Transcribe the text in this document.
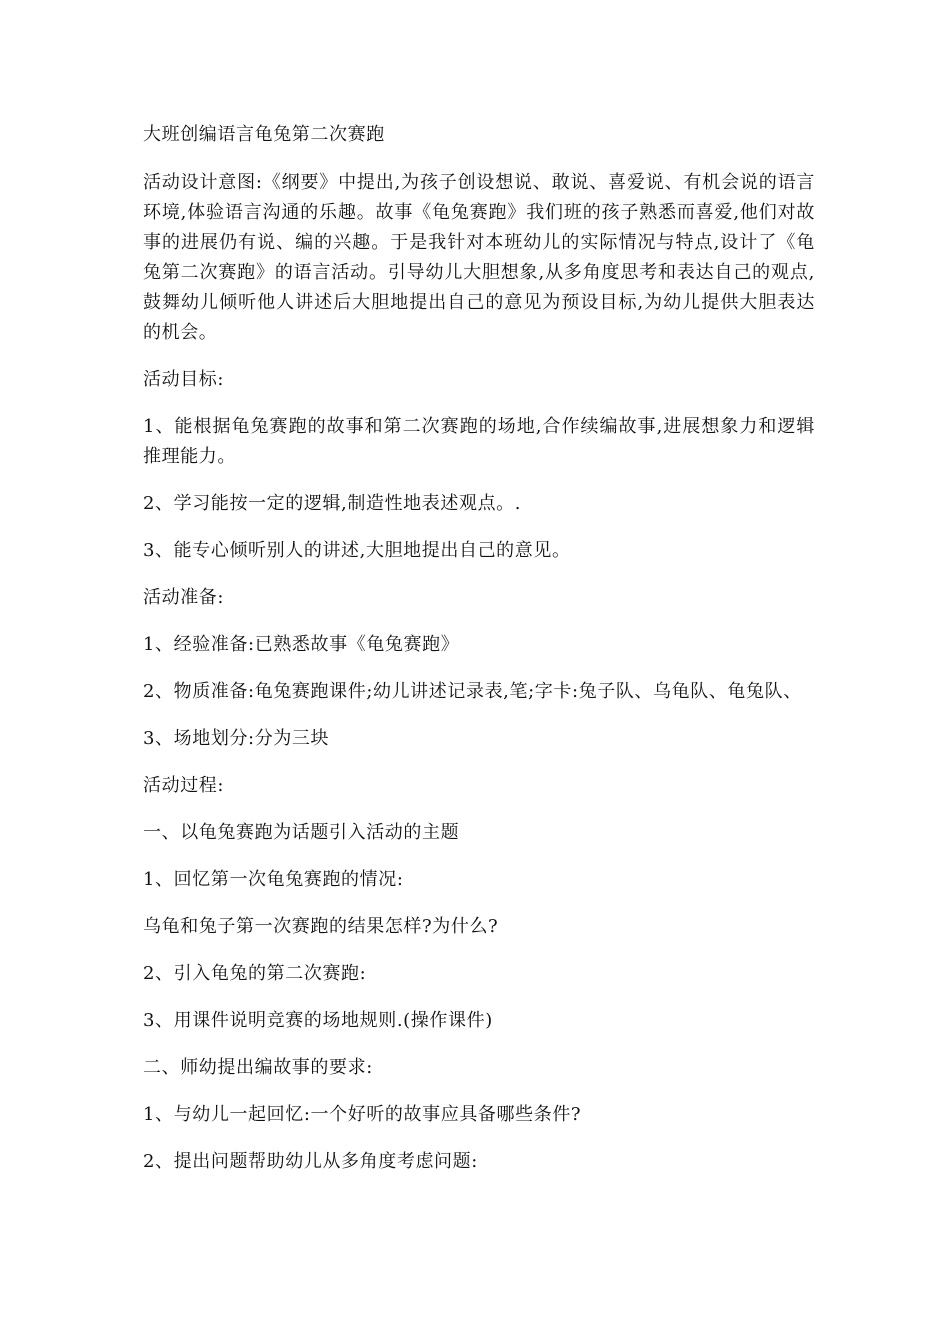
大班创编语言龟兔第二次赛跑

活动设计意图:《纲要》中提出,为孩子创设想说、敢说、喜爱说、有机会说的语言环境,体验语言沟通的乐趣。故事《龟兔赛跑》我们班的孩子熟悉而喜爱,他们对故事的进展仍有说、编的兴趣。于是我针对本班幼儿的实际情况与特点,设计了《龟兔第二次赛跑》的语言活动。引导幼儿大胆想象,从多角度思考和表达自己的观点,鼓舞幼儿倾听他人讲述后大胆地提出自己的意见为预设目标,为幼儿提供大胆表达的机会。

活动目标:

1、能根据龟兔赛跑的故事和第二次赛跑的场地,合作续编故事,进展想象力和逻辑推理能力。

2、学习能按一定的逻辑,制造性地表述观点。.

3、能专心倾听别人的讲述,大胆地提出自己的意见。

活动准备:

1、经验准备:已熟悉故事《龟兔赛跑》

2、物质准备:龟兔赛跑课件;幼儿讲述记录表,笔;字卡:兔子队、乌龟队、龟兔队、

3、场地划分:分为三块

活动过程:

一、以龟兔赛跑为话题引入活动的主题

1、回忆第一次龟兔赛跑的情况:

乌龟和兔子第一次赛跑的结果怎样?为什么?

2、引入龟兔的第二次赛跑:

3、用课件说明竞赛的场地规则.(操作课件)

二、师幼提出编故事的要求:

1、与幼儿一起回忆:一个好听的故事应具备哪些条件?

2、提出问题帮助幼儿从多角度考虑问题:
